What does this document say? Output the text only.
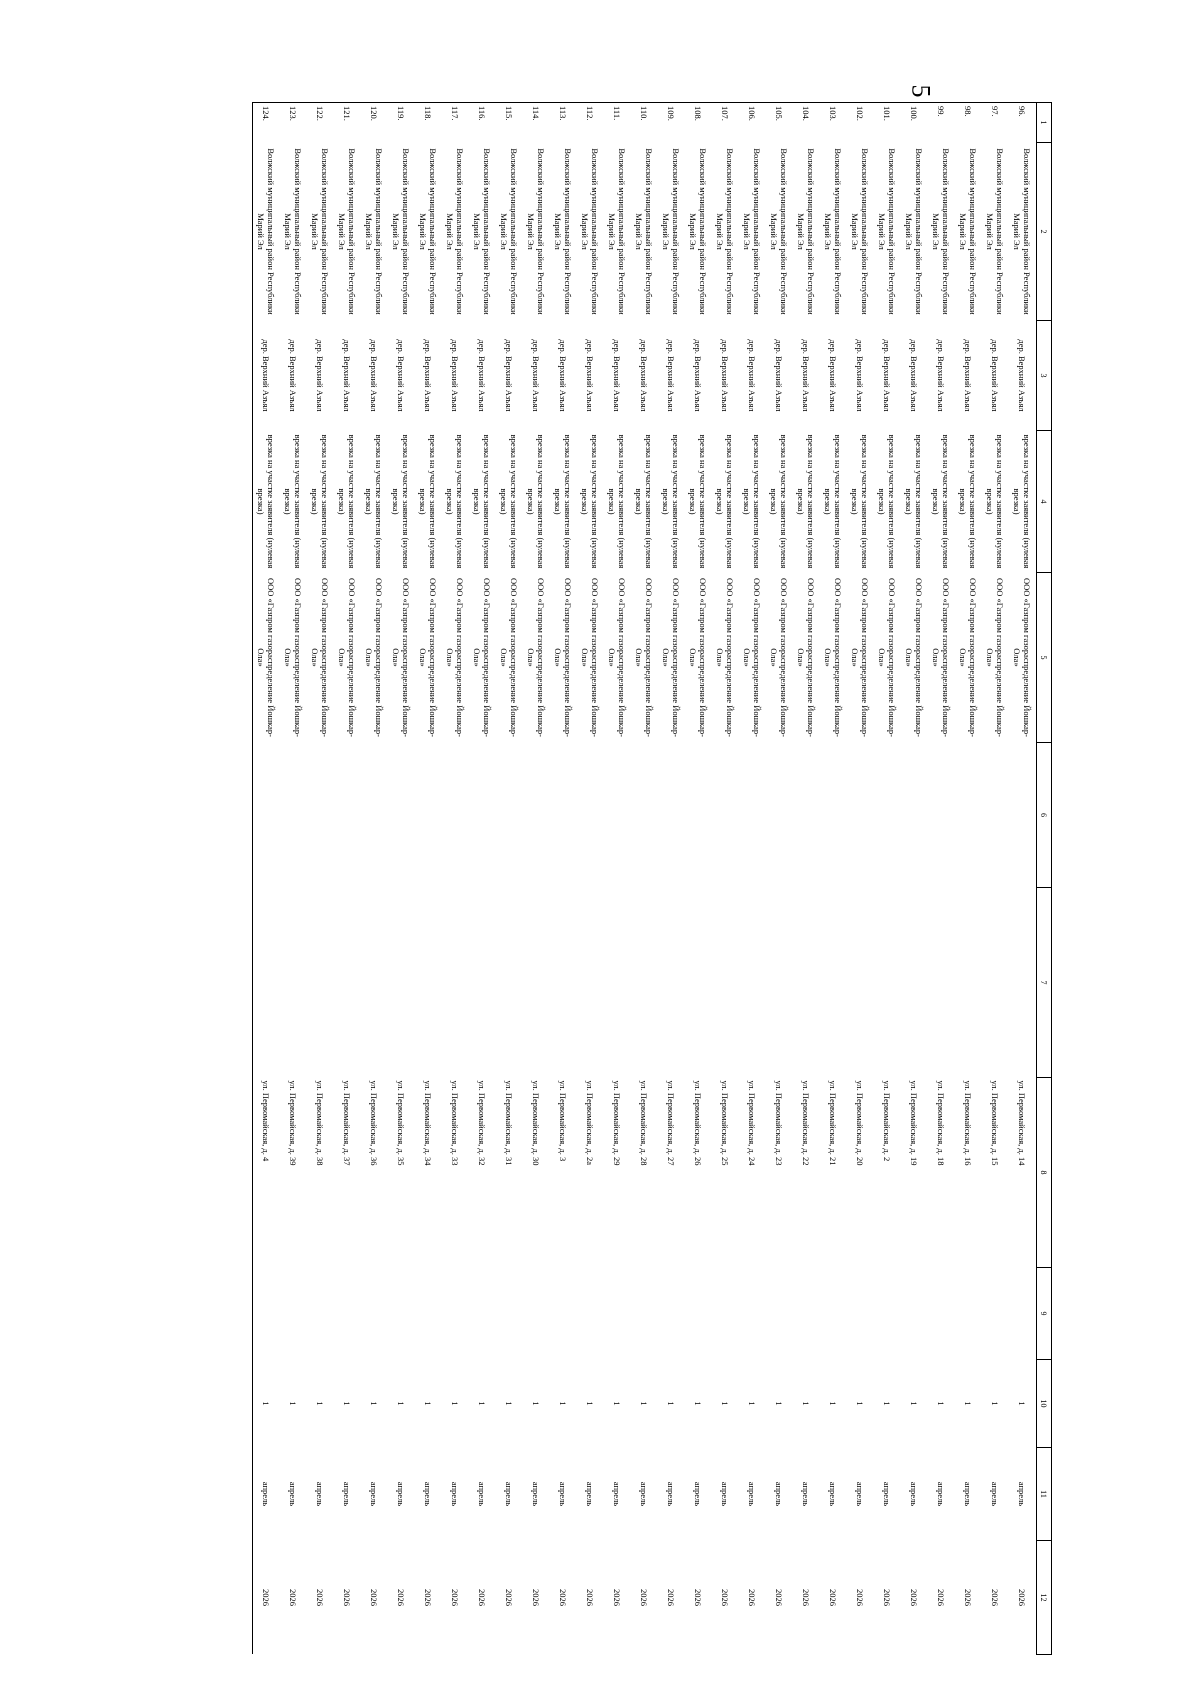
5
1	2	3	4	5	6	7	8	9	10	11	12
96.	Волжский муниципальный район Республики Марий Эл	дер. Верхний Азъял	врезка на участке заявителя (нулевая врезка)	ООО «Газпром газораспределение Йошкар-Ола»			ул. Первомайская, д. 14		1	апрель	2026
97.	Волжский муниципальный район Республики Марий Эл	дер. Верхний Азъял	врезка на участке заявителя (нулевая врезка)	ООО «Газпром газораспределение Йошкар-Ола»			ул. Первомайская, д. 15		1	апрель	2026
98.	Волжский муниципальный район Республики Марий Эл	дер. Верхний Азъял	врезка на участке заявителя (нулевая врезка)	ООО «Газпром газораспределение Йошкар-Ола»			ул. Первомайская, д. 16		1	апрель	2026
99.	Волжский муниципальный район Республики Марий Эл	дер. Верхний Азъял	врезка на участке заявителя (нулевая врезка)	ООО «Газпром газораспределение Йошкар-Ола»			ул. Первомайская, д. 18		1	апрель	2026
100.	Волжский муниципальный район Республики Марий Эл	дер. Верхний Азъял	врезка на участке заявителя (нулевая врезка)	ООО «Газпром газораспределение Йошкар-Ола»			ул. Первомайская, д. 19		1	апрель	2026
101.	Волжский муниципальный район Республики Марий Эл	дер. Верхний Азъял	врезка на участке заявителя (нулевая врезка)	ООО «Газпром газораспределение Йошкар-Ола»			ул. Первомайская, д. 2		1	апрель	2026
102.	Волжский муниципальный район Республики Марий Эл	дер. Верхний Азъял	врезка на участке заявителя (нулевая врезка)	ООО «Газпром газораспределение Йошкар-Ола»			ул. Первомайская, д. 20		1	апрель	2026
103.	Волжский муниципальный район Республики Марий Эл	дер. Верхний Азъял	врезка на участке заявителя (нулевая врезка)	ООО «Газпром газораспределение Йошкар-Ола»			ул. Первомайская, д. 21		1	апрель	2026
104.	Волжский муниципальный район Республики Марий Эл	дер. Верхний Азъял	врезка на участке заявителя (нулевая врезка)	ООО «Газпром газораспределение Йошкар-Ола»			ул. Первомайская, д. 22		1	апрель	2026
105.	Волжский муниципальный район Республики Марий Эл	дер. Верхний Азъял	врезка на участке заявителя (нулевая врезка)	ООО «Газпром газораспределение Йошкар-Ола»			ул. Первомайская, д. 23		1	апрель	2026
106.	Волжский муниципальный район Республики Марий Эл	дер. Верхний Азъял	врезка на участке заявителя (нулевая врезка)	ООО «Газпром газораспределение Йошкар-Ола»			ул. Первомайская, д. 24		1	апрель	2026
107.	Волжский муниципальный район Республики Марий Эл	дер. Верхний Азъял	врезка на участке заявителя (нулевая врезка)	ООО «Газпром газораспределение Йошкар-Ола»			ул. Первомайская, д. 25		1	апрель	2026
108.	Волжский муниципальный район Республики Марий Эл	дер. Верхний Азъял	врезка на участке заявителя (нулевая врезка)	ООО «Газпром газораспределение Йошкар-Ола»			ул. Первомайская, д. 26		1	апрель	2026
109.	Волжский муниципальный район Республики Марий Эл	дер. Верхний Азъял	врезка на участке заявителя (нулевая врезка)	ООО «Газпром газораспределение Йошкар-Ола»			ул. Первомайская, д. 27		1	апрель	2026
110.	Волжский муниципальный район Республики Марий Эл	дер. Верхний Азъял	врезка на участке заявителя (нулевая врезка)	ООО «Газпром газораспределение Йошкар-Ола»			ул. Первомайская, д. 28		1	апрель	2026
111.	Волжский муниципальный район Республики Марий Эл	дер. Верхний Азъял	врезка на участке заявителя (нулевая врезка)	ООО «Газпром газораспределение Йошкар-Ола»			ул. Первомайская, д. 29		1	апрель	2026
112.	Волжский муниципальный район Республики Марий Эл	дер. Верхний Азъял	врезка на участке заявителя (нулевая врезка)	ООО «Газпром газораспределение Йошкар-Ола»			ул. Первомайская, д. 2а		1	апрель	2026
113.	Волжский муниципальный район Республики Марий Эл	дер. Верхний Азъял	врезка на участке заявителя (нулевая врезка)	ООО «Газпром газораспределение Йошкар-Ола»			ул. Первомайская, д. 3		1	апрель	2026
114.	Волжский муниципальный район Республики Марий Эл	дер. Верхний Азъял	врезка на участке заявителя (нулевая врезка)	ООО «Газпром газораспределение Йошкар-Ола»			ул. Первомайская, д. 30		1	апрель	2026
115.	Волжский муниципальный район Республики Марий Эл	дер. Верхний Азъял	врезка на участке заявителя (нулевая врезка)	ООО «Газпром газораспределение Йошкар-Ола»			ул. Первомайская, д. 31		1	апрель	2026
116.	Волжский муниципальный район Республики Марий Эл	дер. Верхний Азъял	врезка на участке заявителя (нулевая врезка)	ООО «Газпром газораспределение Йошкар-Ола»			ул. Первомайская, д. 32		1	апрель	2026
117.	Волжский муниципальный район Республики Марий Эл	дер. Верхний Азъял	врезка на участке заявителя (нулевая врезка)	ООО «Газпром газораспределение Йошкар-Ола»			ул. Первомайская, д. 33		1	апрель	2026
118.	Волжский муниципальный район Республики Марий Эл	дер. Верхний Азъял	врезка на участке заявителя (нулевая врезка)	ООО «Газпром газораспределение Йошкар-Ола»			ул. Первомайская, д. 34		1	апрель	2026
119.	Волжский муниципальный район Республики Марий Эл	дер. Верхний Азъял	врезка на участке заявителя (нулевая врезка)	ООО «Газпром газораспределение Йошкар-Ола»			ул. Первомайская, д. 35		1	апрель	2026
120.	Волжский муниципальный район Республики Марий Эл	дер. Верхний Азъял	врезка на участке заявителя (нулевая врезка)	ООО «Газпром газораспределение Йошкар-Ола»			ул. Первомайская, д. 36		1	апрель	2026
121.	Волжский муниципальный район Республики Марий Эл	дер. Верхний Азъял	врезка на участке заявителя (нулевая врезка)	ООО «Газпром газораспределение Йошкар-Ола»			ул. Первомайская, д. 37		1	апрель	2026
122.	Волжский муниципальный район Республики Марий Эл	дер. Верхний Азъял	врезка на участке заявителя (нулевая врезка)	ООО «Газпром газораспределение Йошкар-Ола»			ул. Первомайская, д. 38		1	апрель	2026
123.	Волжский муниципальный район Республики Марий Эл	дер. Верхний Азъял	врезка на участке заявителя (нулевая врезка)	ООО «Газпром газораспределение Йошкар-Ола»			ул. Первомайская, д. 39		1	апрель	2026
124.	Волжский муниципальный район Республики Марий Эл	дер. Верхний Азъял	врезка на участке заявителя (нулевая врезка)	ООО «Газпром газораспределение Йошкар-Ола»			ул. Первомайская, д. 4		1	апрель	2026
